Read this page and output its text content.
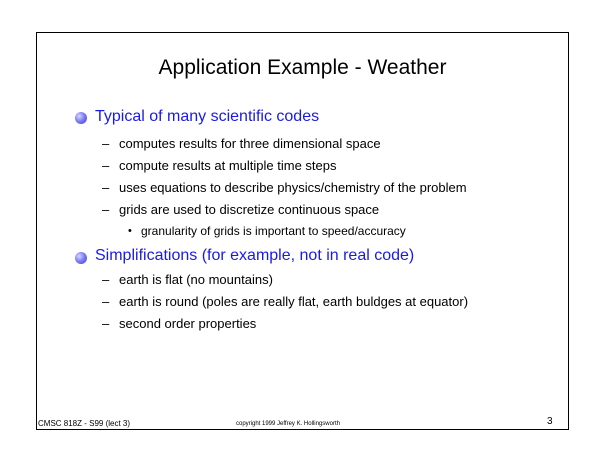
Application Example - Weather
Typical of many scientific codes
– computes results for three dimensional space
– compute results at multiple time steps
– uses equations to describe physics/chemistry of the problem
– grids are used to discretize continuous space
• granularity of grids is important to speed/accuracy
Simplifications (for example, not in real code)
– earth is flat (no mountains)
– earth is round (poles are really flat, earth buldges at equator)
– second order properties
CMSC 818Z - S99 (lect 3)	copyright 1999 Jeffrey K. Hollingsworth	3
